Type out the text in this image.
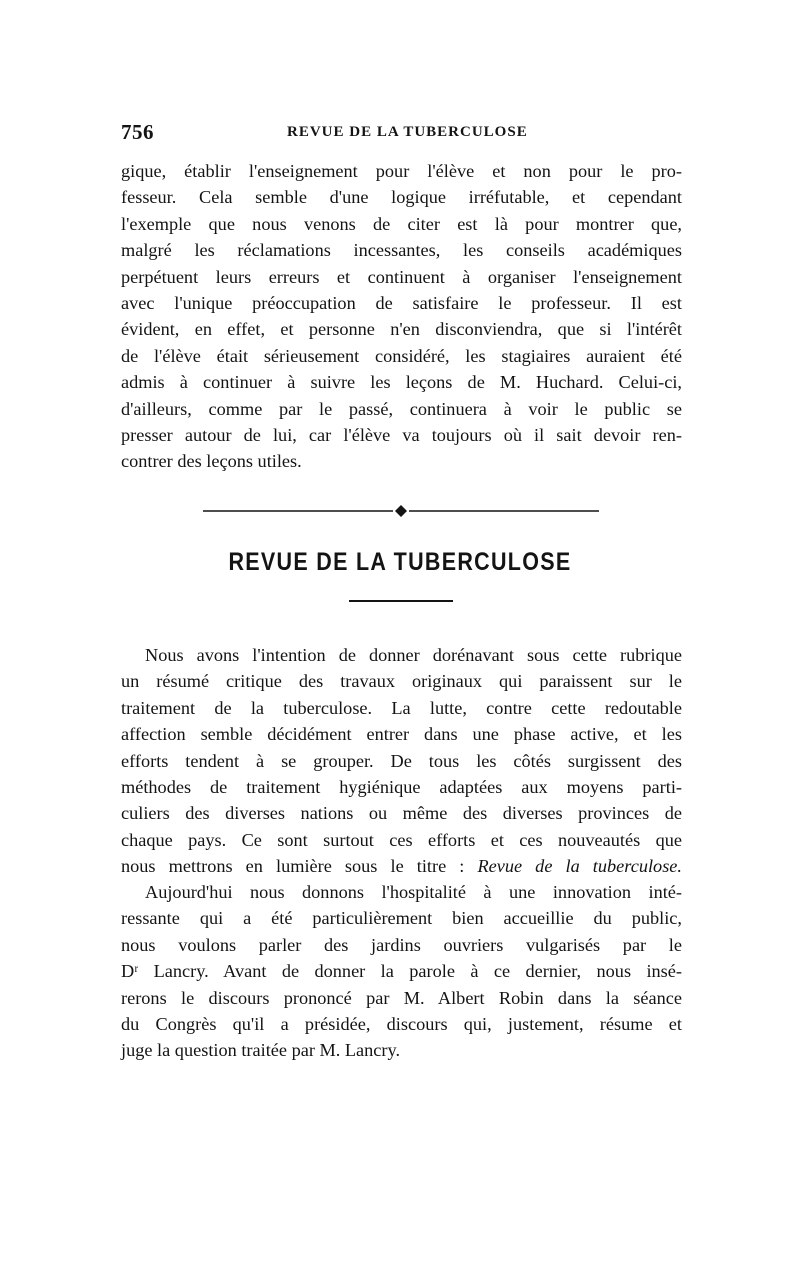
756	REVUE DE LA TUBERCULOSE
gique, établir l'enseignement pour l'élève et non pour le pro-
fesseur. Cela semble d'une logique irréfutable, et cependant
l'exemple que nous venons de citer est là pour montrer que,
malgré les réclamations incessantes, les conseils académiques
perpétuent leurs erreurs et continuent à organiser l'enseignement
avec l'unique préoccupation de satisfaire le professeur. Il est
évident, en effet, et personne n'en disconviendra, que si l'intérêt
de l'élève était sérieusement considéré, les stagiaires auraient été
admis à continuer à suivre les leçons de M. Huchard. Celui-ci,
d'ailleurs, comme par le passé, continuera à voir le public se
presser autour de lui, car l'élève va toujours où il sait devoir ren-
contrer des leçons utiles.
REVUE DE LA TUBERCULOSE
Nous avons l'intention de donner dorénavant sous cette rubrique
un résumé critique des travaux originaux qui paraissent sur le
traitement de la tuberculose. La lutte, contre cette redoutable
affection semble décidément entrer dans une phase active, et les
efforts tendent à se grouper. De tous les côtés surgissent des
méthodes de traitement hygiénique adaptées aux moyens parti-
culiers des diverses nations ou même des diverses provinces de
chaque pays. Ce sont surtout ces efforts et ces nouveautés que
nous mettrons en lumière sous le titre : Revue de la tuberculose.
Aujourd'hui nous donnons l'hospitalité à une innovation inté-
ressante qui a été particulièrement bien accueillie du public,
nous voulons parler des jardins ouvriers vulgarisés par le
Dʳ Lancry. Avant de donner la parole à ce dernier, nous insé-
rerons le discours prononcé par M. Albert Robin dans la séance
du Congrès qu'il a présidée, discours qui, justement, résume et
juge la question traitée par M. Lancry.
